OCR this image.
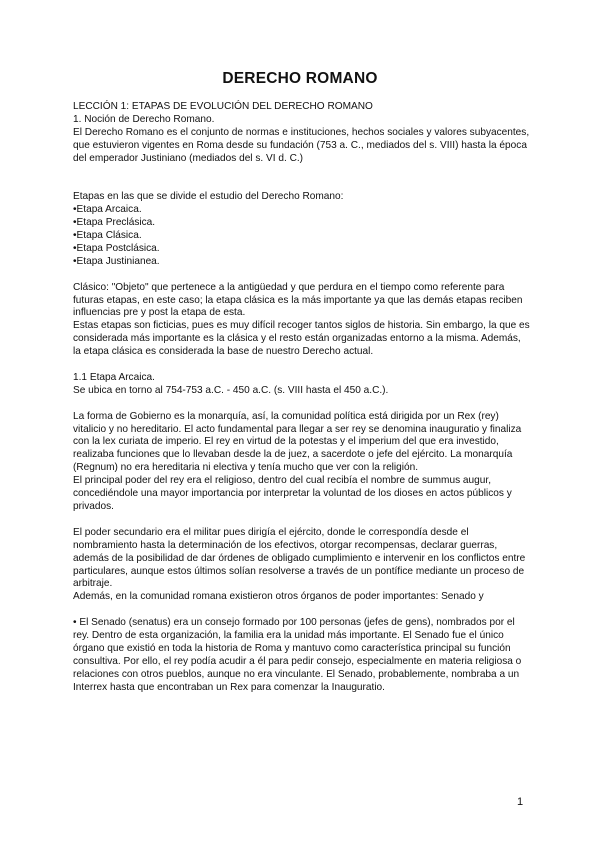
DERECHO ROMANO

LECCIÓN 1: ETAPAS DE EVOLUCIÓN DEL DERECHO ROMANO

1. Noción de Derecho Romano.

El Derecho Romano es el conjunto de normas e instituciones, hechos sociales y valores subyacentes, que estuvieron vigentes en Roma desde su fundación (753 a. C., mediados del s. VIII) hasta la época del emperador Justiniano (mediados del s. VI d. C.)

Etapas en las que se divide el estudio del Derecho Romano:

• Etapa Arcaica.
• Etapa Preclásica.
• Etapa Clásica.
• Etapa Postclásica.
• Etapa Justinianea.

Clásico: "Objeto" que pertenece a la antigüedad y que perdura en el tiempo como referente para futuras etapas, en este caso; la etapa clásica es la más importante ya que las demás etapas reciben influencias pre y post la etapa de esta.

Estas etapas son ficticias, pues es muy difícil recoger tantos siglos de historia. Sin embargo, la que es considerada más importante es la clásica y el resto están organizadas entorno a la misma. Además, la etapa clásica es considerada la base de nuestro Derecho actual.

1.1 Etapa Arcaica.

Se ubica en torno al 754-753 a.C. - 450 a.C. (s. VIII hasta el 450 a.C.).

La forma de Gobierno es la monarquía, así, la comunidad política está dirigida por un Rex (rey) vitalicio y no hereditario. El acto fundamental para llegar a ser rey se denomina inauguratio y finaliza con la lex curiata de imperio. El rey en virtud de la potestas y el imperium del que era investido, realizaba funciones que lo llevaban desde la de juez, a sacerdote o jefe del ejército. La monarquía (Regnum) no era hereditaria ni electiva y tenía mucho que ver con la religión.

El principal poder del rey era el religioso, dentro del cual recibía el nombre de summus augur, concediéndole una mayor importancia por interpretar la voluntad de los dioses en actos públicos y privados.

El poder secundario era el militar pues dirigía el ejército, donde le correspondía desde el nombramiento hasta la determinación de los efectivos, otorgar recompensas, declarar guerras, además de la posibilidad de dar órdenes de obligado cumplimiento e intervenir en los conflictos entre particulares, aunque estos últimos solían resolverse a través de un pontífice mediante un proceso de arbitraje.

Además, en la comunidad romana existieron otros órganos de poder importantes: Senado y

• El Senado (senatus) era un consejo formado por 100 personas (jefes de gens), nombrados por el rey. Dentro de esta organización, la familia era la unidad más importante. El Senado fue el único órgano que existió en toda la historia de Roma y mantuvo como característica principal su función consultiva. Por ello, el rey podía acudir a él para pedir consejo, especialmente en materia religiosa o relaciones con otros pueblos, aunque no era vinculante. El Senado, probablemente, nombraba a un Interrex hasta que encontraban un Rex para comenzar la Inauguratio.

1
